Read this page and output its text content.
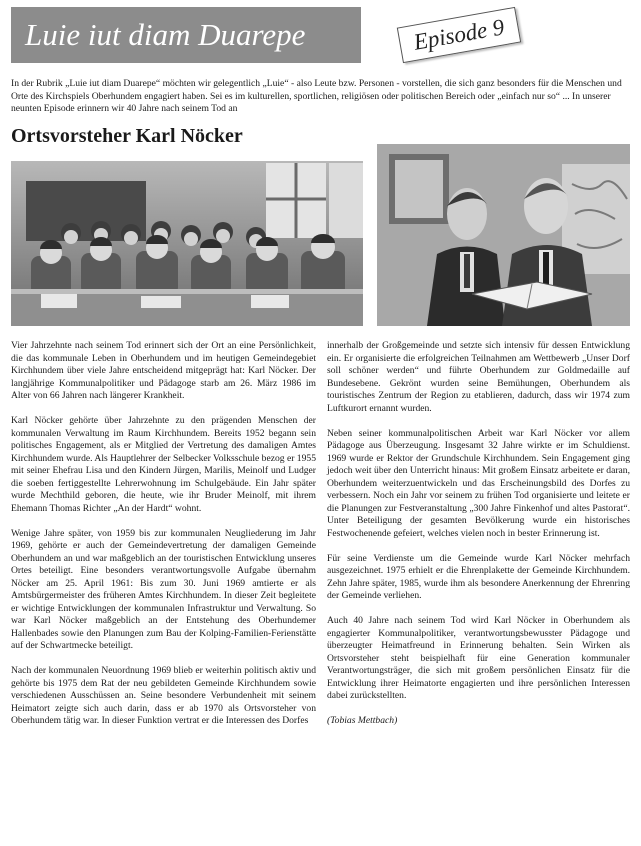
Luie iut diam Duarepe	Episode 9
In der Rubrik „Luie iut diam Duarepe“ möchten wir gelegentlich „Luie“ - also Leute bzw. Personen - vorstellen, die sich ganz besonders für die Menschen und Orte des Kirchspiels Oberhundem engagiert haben. Sei es im kulturellen, sportlichen, religiösen oder politischen Bereich oder „einfach nur so“ ... In unserer neunten Episode erinnern wir 40 Jahre nach seinem Tod an
Ortsvorsteher Karl Nöcker

Vier Jahrzehnte nach seinem Tod erinnert sich der Ort an eine Persönlichkeit, die das kommunale Leben in Oberhundem und im heutigen Gemeindegebiet Kirchhundem über viele Jahre entscheidend mitgeprägt hat: Karl Nöcker. Der langjährige Kommunalpolitiker und Pädagoge starb am 26. März 1986 im Alter von 66 Jahren nach längerer Krankheit.

Karl Nöcker gehörte über Jahrzehnte zu den prägenden Menschen der kommunalen Verwaltung im Raum Kirchhundem. Bereits 1952 begann sein politisches Engagement, als er Mitglied der Vertretung des damaligen Amtes Kirchhundem wurde. Als Hauptlehrer der Selbecker Volksschule bezog er 1955 mit seiner Ehefrau Lisa und den Kindern Jürgen, Marilis, Meinolf und Ludger die soeben fertiggestellte Lehrerwohnung im Schulgebäude. Ein Jahr später wurde Mechthild geboren, die heute, wie ihr Bruder Meinolf, mit ihrem Ehemann Thomas Richter „An der Hardt“ wohnt.

Wenige Jahre später, von 1959 bis zur kommunalen Neugliederung im Jahr 1969, gehörte er auch der Gemeindevertretung der damaligen Gemeinde Oberhundem an und war maßgeblich an der touristischen Entwicklung unseres Ortes beteiligt. Eine besonders verantwortungsvolle Aufgabe übernahm Nöcker am 25. April 1961: Bis zum 30. Juni 1969 amtierte er als Amtsbürgermeister des früheren Amtes Kirchhundem. In dieser Zeit begleitete er wichtige Entwicklungen der kommunalen Infrastruktur und Verwaltung. So war Karl Nöcker maßgeblich an der Entstehung des Oberhundemer Hallenbades sowie den Planungen zum Bau der Kolping-Familien-Ferienstätte auf der Schwartmecke beteiligt.

Nach der kommunalen Neuordnung 1969 blieb er weiterhin politisch aktiv und gehörte bis 1975 dem Rat der neu gebildeten Gemeinde Kirchhundem sowie verschiedenen Ausschüssen an. Seine besondere Verbundenheit mit seinem Heimatort zeigte sich auch darin, dass er ab 1970 als Ortsvorsteher von Oberhundem tätig war. In dieser Funktion vertrat er die Interessen des Dorfes

innerhalb der Großgemeinde und setzte sich intensiv für dessen Entwicklung ein. Er organisierte die erfolgreichen Teilnahmen am Wettbewerb „Unser Dorf soll schöner werden“ und führte Oberhundem zur Goldmedaille auf Bundesebene. Gekrönt wurden seine Bemühungen, Oberhundem als touristisches Zentrum der Region zu etablieren, dadurch, dass wir 1974 zum Luftkurort ernannt wurden.

Neben seiner kommunalpolitischen Arbeit war Karl Nöcker vor allem Pädagoge aus Überzeugung. Insgesamt 32 Jahre wirkte er im Schuldienst. 1969 wurde er Rektor der Grundschule Kirchhundem. Sein Engagement ging jedoch weit über den Unterricht hinaus: Mit großem Einsatz arbeitete er daran, Oberhundem weiterzuentwickeln und das Erscheinungsbild des Dorfes zu verbessern. Noch ein Jahr vor seinem zu frühen Tod organisierte und leitete er die Planungen zur Festveranstaltung „300 Jahre Finkenhof und altes Pastorat“. Unter Beteiligung der gesamten Bevölkerung wurde ein historisches Festwochenende gefeiert, welches vielen noch in bester Erinnerung ist.

Für seine Verdienste um die Gemeinde wurde Karl Nöcker mehrfach ausgezeichnet. 1975 erhielt er die Ehrenplakette der Gemeinde Kirchhundem. Zehn Jahre später, 1985, wurde ihm als besondere Anerkennung der Ehrenring der Gemeinde verliehen.

Auch 40 Jahre nach seinem Tod wird Karl Nöcker in Oberhundem als engagierter Kommunalpolitiker, verantwortungsbewusster Pädagoge und überzeugter Heimatfreund in Erinnerung behalten. Sein Wirken als Ortsvorsteher steht beispielhaft für eine Generation kommunaler Verantwortungsträger, die sich mit großem persönlichen Einsatz für die Entwicklung ihrer Heimatorte engagierten und ihre persönlichen Interessen dabei zurückstellten.

(Tobias Mettbach)
